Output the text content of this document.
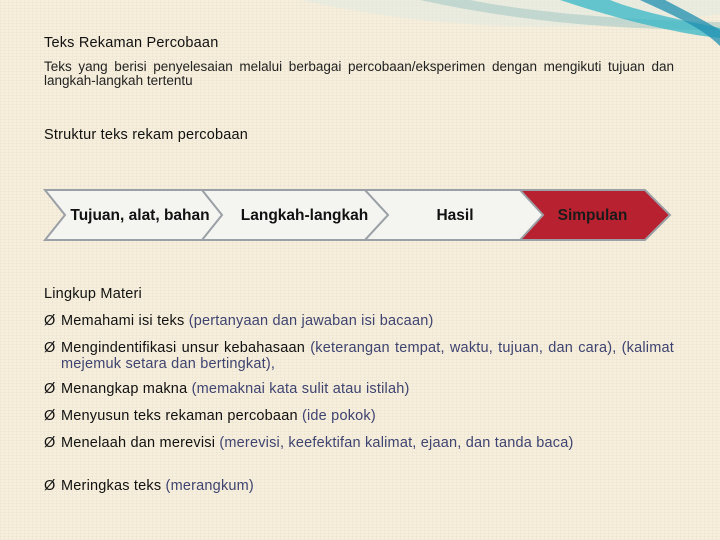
Teks Rekaman Percobaan
Teks yang berisi penyelesaian melalui berbagai percobaan/eksperimen dengan mengikuti tujuan dan langkah-langkah tertentu
Struktur teks rekam percobaan
Tujuan, alat, bahan	Langkah-langkah	Hasil	Simpulan
Lingkup Materi
Ø Memahami isi teks (pertanyaan dan jawaban isi bacaan)
Ø Mengindentifikasi unsur kebahasaan (keterangan tempat, waktu, tujuan, dan cara), (kalimat mejemuk setara dan bertingkat),
Ø Menangkap makna (memaknai kata sulit atau istilah)
Ø Menyusun teks rekaman percobaan (ide pokok)
Ø Menelaah dan merevisi (merevisi, keefektifan kalimat, ejaan, dan tanda baca)
Ø Meringkas teks (merangkum)
